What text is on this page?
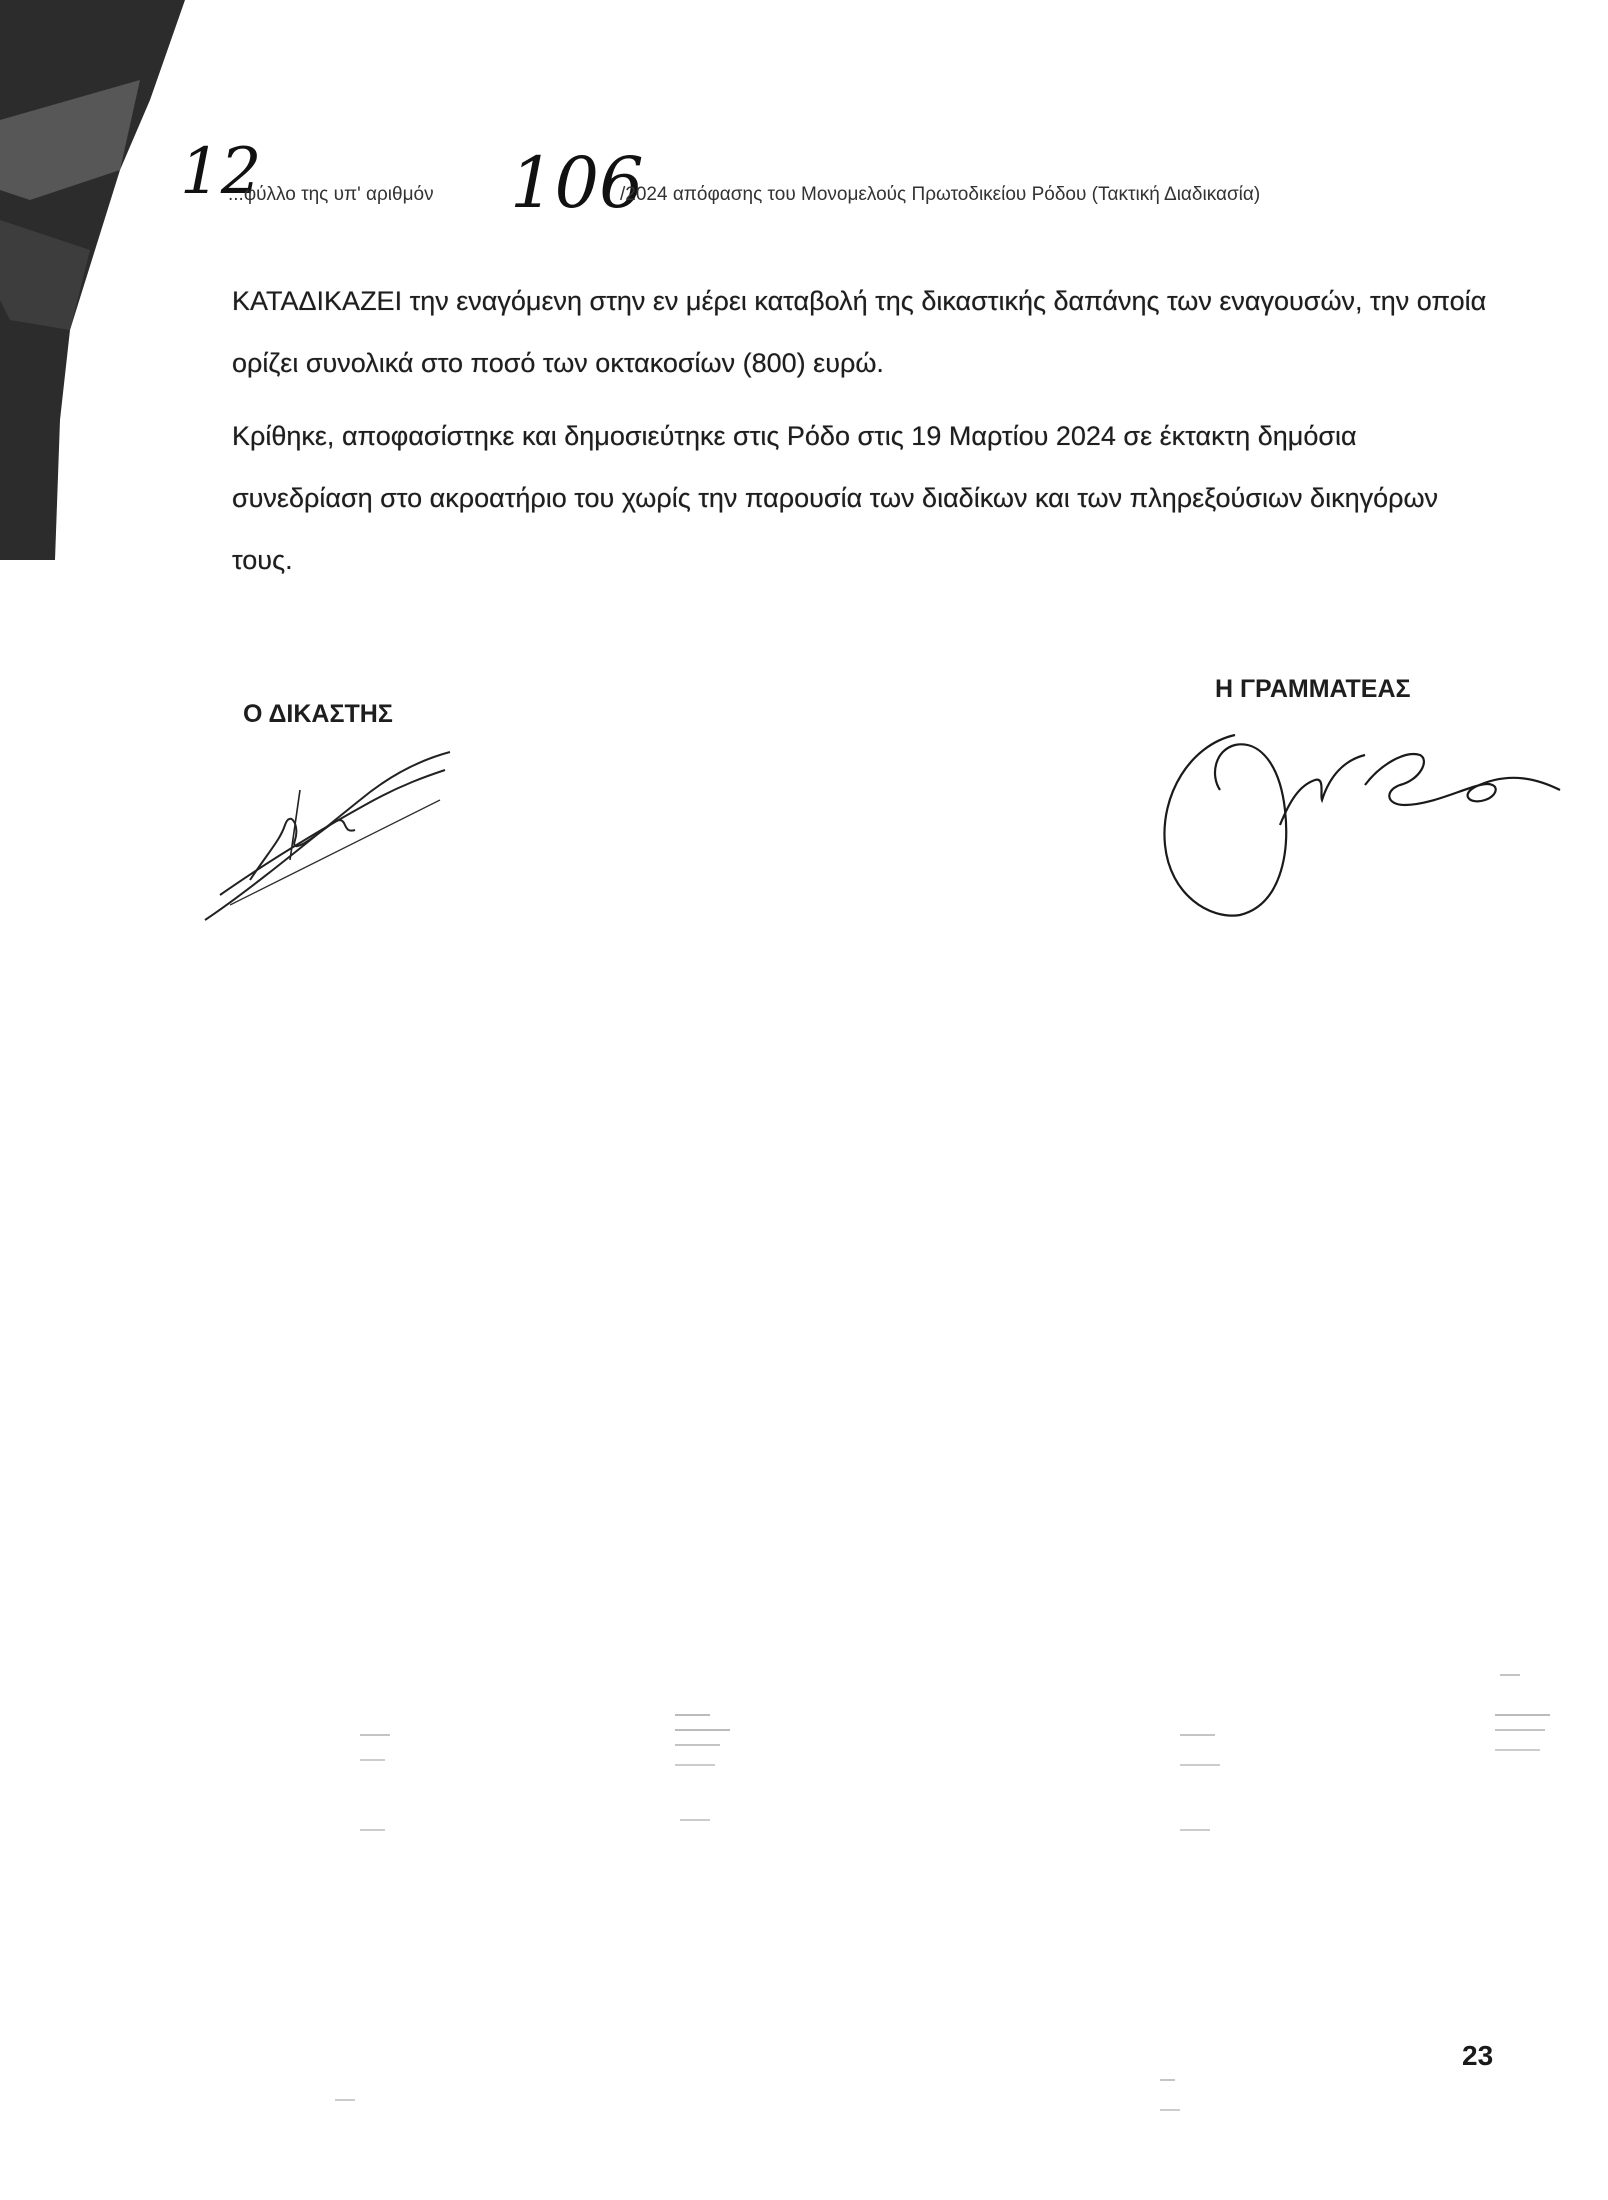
12
...φύλλο της υπ' αριθμόν 106
/2024 απόφασης του Μονομελούς Πρωτοδικείου Ρόδου (Τακτική Διαδικασία)
ΚΑΤΑΔΙΚΑΖΕΙ την εναγόμενη στην εν μέρει καταβολή της δικαστικής δαπάνης των εναγουσών, την οποία ορίζει συνολικά στο ποσό των οκτακοσίων (800) ευρώ.
Κρίθηκε, αποφασίστηκε και δημοσιεύτηκε στις Ρόδο στις 19 Μαρτίου 2024 σε έκτακτη δημόσια συνεδρίαση στο ακροατήριο του χωρίς την παρουσία των διαδίκων και των πληρεξούσιων δικηγόρων τους.
Ο ΔΙΚΑΣΤΗΣ
Η ΓΡΑΜΜΑΤΕΑΣ
23
